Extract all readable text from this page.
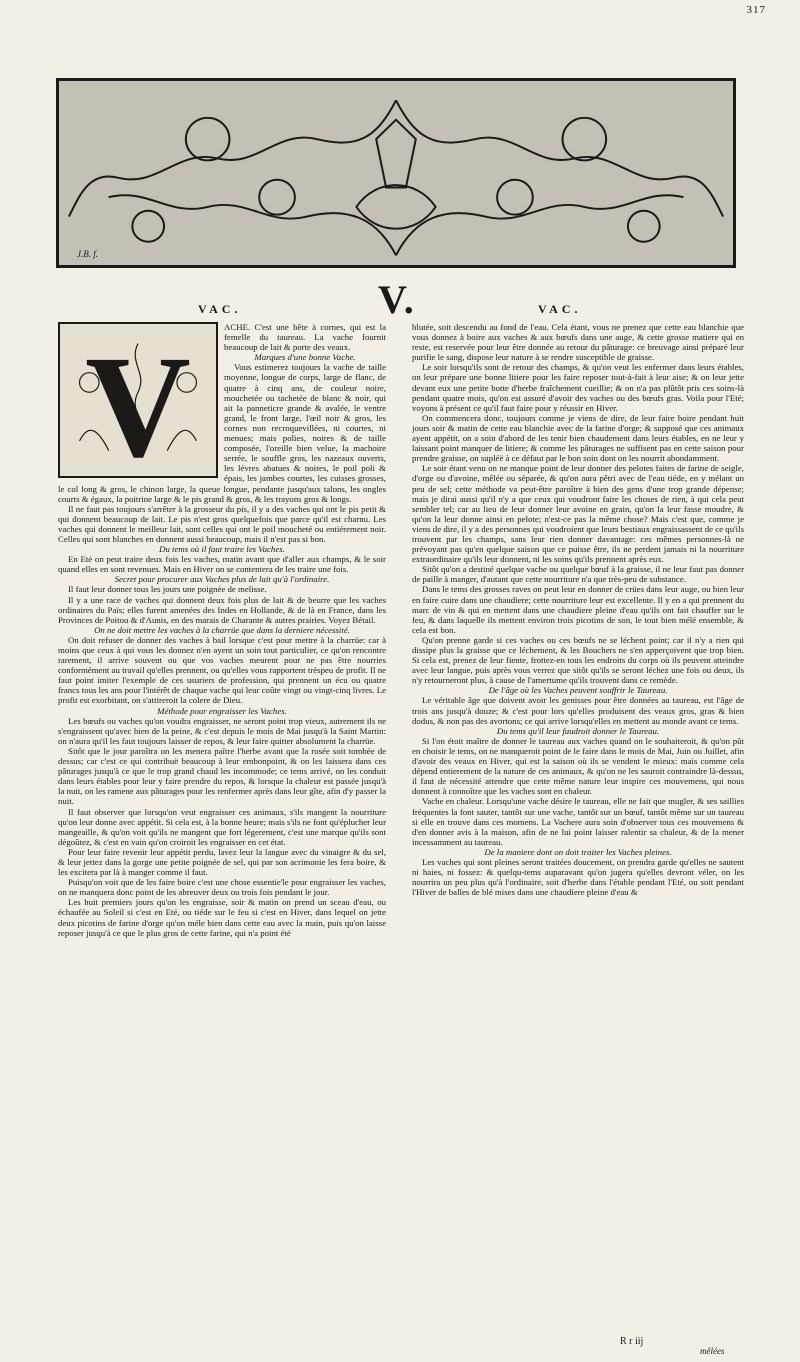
317
J.B. f.
V.
VAC.	VAC.
V	ACHE. C'est une bête à cornes, qui est la femelle du taureau. La vache fournit beaucoup de lait & porte des veaux.

Marques d'une bonne Vache.

Vous estimerez toujours la vache de taille moyenne, longue de corps, large de flanc, de quatre à cinq ans, de couleur noire, mouchetée ou tachetée de blanc & noir, qui ait la panneticre grande & avalée, le ventre grand, le front large, l'œil noir & gros, les cornes non recroquevillées, ni courtes, ni menues; mais polies, noires & de taille composée, l'oreille bien velue, la machoire serrée, le souffle gros, les nazeaux ouverts, les lévres abatues & noires, le poil poli & épais, les jambes courtes, les cuisses grosses, le col long & gros, le chinon large, la queue longue, pendante jusqu'aux talons, les ongles courts & égaux, la poitrine large & le pis grand & gros, & les trayons gros & longs.

Il ne faut pas toujours s'arrêter à la grosseur du pis, il y a des vaches qui ont le pis petit & qui donnent beaucoup de lait. Le pis n'est gros quelquefois que parce qu'il est charnu. Les vaches qui donnent le meilleur lait, sont celles qui ont le poil moucheté ou entiérement noir. Celles qui sont blanches en donnent aussi beaucoup, mais il n'est pas si bon.

Du tems où il faut traire les Vaches.

En Eté on peut traire deux fois les vaches, matin avant que d'aller aux champs, & le soir quand elles en sont revenues. Mais en Hiver on se contentera de les traire une fois.

Secret pour procurer aux Vaches plus de lait qu'à l'ordinaire.

Il faut leur donner tous les jours une poignée de melisse.

Il y a une race de vaches qui donnent deux fois plus de lait & de beurre que les vaches ordinaires du Païs; elles furent amenées des Indes en Hollande, & de là en France, dans les Provinces de Poitou & d'Aunis, en des marais de Charante & autres prairies. Voyez Bétail.

On ne doit mettre les vaches à la charrüe que dans la derniere nécessité.

On doit refuser de donner des vaches à bail lorsque c'est pour mettre à la charrüe: car à moins que ceux à qui vous les donnez n'en ayent un soin tout particulier, ce qu'on rencontre rarement, il arrive souvent ou que vos vaches meurent pour ne pas être nourries conformément au travail qu'elles prennent, ou qu'elles vous rapportent trèspeu de profit. Il ne faut point imiter l'exemple de ces usuriers de profession, qui prennent un écu ou quatre francs tous les ans pour l'intérêt de chaque vache qui leur coûte vingt ou vingt-cinq livres. Le profit est exorbitant, on s'attireroit la colere de Dieu.

Méthode pour engraisser les Vaches.

Les bœufs ou vaches qu'on voudra engraisser, ne seront point trop vieux, autrement ils ne s'engraissent qu'avec bien de la peine, & c'est depuis le mois de Mai jusqu'à la Saint Martin: on n'aura qu'il les faut toujours laisser de repos, & leur faire quitter absolument la charrüe.

Sitôt que le jour paroîtra on les menera paître l'herbe avant que la rosée soit tombée de dessus; car c'est ce qui contribuë beaucoup à leur embonpoint, & on les laissera dans ces pâturages jusqu'à ce que le trop grand chaud les incommode; ce tems arrivé, on les conduit dans leurs étables pour leur y faire prendre du repos, & lorsque la chaleur est passée jusqu'à la nuit, on les ramene aux pâturages pour les renfermer après dans leur gîte, afin d'y passer la nuit.

Il faut observer que lorsqu'on veut engraisser ces animaux, s'ils mangent la nourriture qu'on leur donne avec appétit. Si cela est, à la bonne heure; mais s'ils ne font qu'éplucher leur mangeaille, & qu'on voit qu'ils ne mangent que fort légerement, c'est une marque qu'ils sont dégoûtez, & c'est en vain qu'on croiroit les engraisser en cet état.

Pour leur faire revenir leur appétit perdu, lavez leur la langue avec du vinaigre & du sel, & leur jettez dans la gorge une petite poignée de sel, qui par son acrimonie les fera boire, & les excitera par là à manger comme il faut.

Puisqu'on voit que de les faire boire c'est une chose essentie'le pour engraisser les vaches, on ne manquera donc point de les abreuver deux ou trois fois pendant le jour.

Les huit premiers jours qu'on les engraisse, soir & matin on prend un sceau d'eau, ou échaufée au Soleil si c'est en Eté, ou tiéde sur le feu si c'est en Hiver, dans lequel on jette deux picotins de farine d'orge qu'on méle bien dans cette eau avec la main, puis qu'on laisse reposer jusqu'à ce que le plus gros de cette farine, qui n'a point été

blutée, soit descendu au fond de l'eau. Cela étant, vous ne prenez que cette eau blanchie que vous donnez à boire aux vaches & aux bœufs dans une auge, & cette grosse matiere qui en reste, est reservée pour leur être donnée au retour du pâturage: ce breuvage ainsi préparé leur purifie le sang, dispose leur nature à se rendre susceptible de graisse.

Le soir lorsqu'ils sont de retour des champs, & qu'on veut les enfermer dans leurs étables, on leur prépare une bonne litiere pour les faire reposer tout-à-fait à leur aise; & on leur jette devant eux une petite botte d'herbe fraîchement cueillie; & on n'a pas plûtôt pris ces soins-là pendant quatre mois, qu'on est assuré d'avoir des vaches ou des bœufs gras. Voila pour l'Eté; voyons à présent ce qu'il faut faire pour y réussir en Hiver.

On commencera donc, toujours comme je viens de dire, de leur faire boire pendant huit jours soir & matin de cette eau blanchie avec de la farine d'orge; & supposé que ces animaux ayent appétit, on a soin d'abord de les tenir bien chaudement dans leurs étables, en ne leur y laissant point manquer de litiere; & comme les pâturages ne suffisent pas en cette saison pour prendre graisse, on supléë à ce défaut par le bon soin dont on les nourrit abondamment.

Le soir étant venu on ne manque point de leur donner des pelotes faites de farine de seigle, d'orge ou d'avoine, mêlée ou séparée, & qu'on aura pêtri avec de l'eau tiéde, en y mélant un peu de sel; cette méthode va peut-être paroître à bien des gens d'une trop grande dépense; mais je dirai aussi qu'il n'y a que ceux qui voudront faire les choses de rien, à qui cela peut sembler tel; car au lieu de leur donner leur avoine en grain, qu'on la leur fasse moudre, & qu'on la leur donne ainsi en pelote; n'est-ce pas la même chose? Mais c'est que, comme je viens de dire, il y a des personnes qui voudroient que leurs bestiaux engraissassent de ce qu'ils trouvent par les champs, sans leur rien donner davantage: ces mêmes personnes-là ne prévoyant pas qu'en quelque saison que ce puisse être, ils ne perdent jamais ni la nourriture extraordinaire qu'ils leur donnent, ni les soins qu'ils prennent après eux.

Sitôt qu'on a destiné quelque vache ou quelque bœuf à la graisse, il ne leur faut pas donner de paille à manger, d'autant que cette nourriture n'a que très-peu de substance.

Dans le tems des grosses raves on peut leur en donner de crües dans leur auge, ou bien leur en faire cuire dans une chaudiere; cette nourriture leur est excellente. Il y en a qui prennent du marc de vin & qui en mettent dans une chaudiere pleine d'eau qu'ils ont fait chauffer sur le feu, & dans laquelle ils mettent environ trois picotins de son, le tout bien mélé ensemble, & cela est bon.

Qu'on prenne garde si ces vaches ou ces bœufs ne se léchent point; car il n'y a rien qui dissipe plus la graisse que ce léchement, & les Bouchers ne s'en apperçoivent que trop bien. Si cela est, prenez de leur fiente, frottez-en tous les endroits du corps où ils peuvent atteindre avec leur langue, puis après vous verrez que sitôt qu'ils se seront léchez une fois ou deux, ils n'y retourneront plus, à cause de l'amertume qu'ils trouvent dans ce remède.

De l'âge où les Vaches peuvent souffrir le Taureau.

Le véritable âge que doivent avoir les genisses pour être données au taureau, est l'âge de trois ans jusqu'à douze; & c'est pour lors qu'elles produisent des veaux gros, gras & bien dodus, & non pas des avortons; ce qui arrive lorsqu'elles en mettent au monde avant ce tems.

Du tems qu'il leur faudroit donner le Taureau.

Si l'on étoit maître de donner le taureau aux vaches quand on le souhaiteroit, & qu'on pût en choisir le tems, on ne manqueroit point de le faire dans le mois de Mai, Juin ou Juillet, afin d'avoir des veaux en Hiver, qui est la saison où ils se vendent le mieux: mais comme cela dépend entierement de la nature de ces animaux, & qu'on ne les sauroit contraindre là-dessus, il faut de nécessité attendre que cette même nature leur inspire ces mouvemens, qui nous donnent à connoître que les vaches sont en chaleur.

Vache en chaleur. Lorsqu'une vache désire le taureau, elle ne fait que mugler, & ses saillies fréquentes la font sauter, tantôt sur une vache, tantôt sur un bœuf, tantôt même sur un taureau si elle en trouve dans ces momens. La Vachere aura soin d'observer tous ces mouvemens & d'en donner avis à la maison, afin de ne lui point laisser ralentir sa chaleur, & de la mener incessamment au taureau.

De la maniere dont on doit traiter les Vaches pleines.

Les vaches qui sont pleines seront traitées doucement, on prendra garde qu'elles ne sautent ni haies, ni fossez: & quelqu-tems auparavant qu'on jugera qu'elles devront véler, on les nourrira un peu plus qu'à l'ordinaire, soit d'herbe dans l'étable pendant l'Eté, ou soit pendant l'Hiver de balles de blé mises dans une chaudiere pleine d'eau &

R r iij
mêlées
